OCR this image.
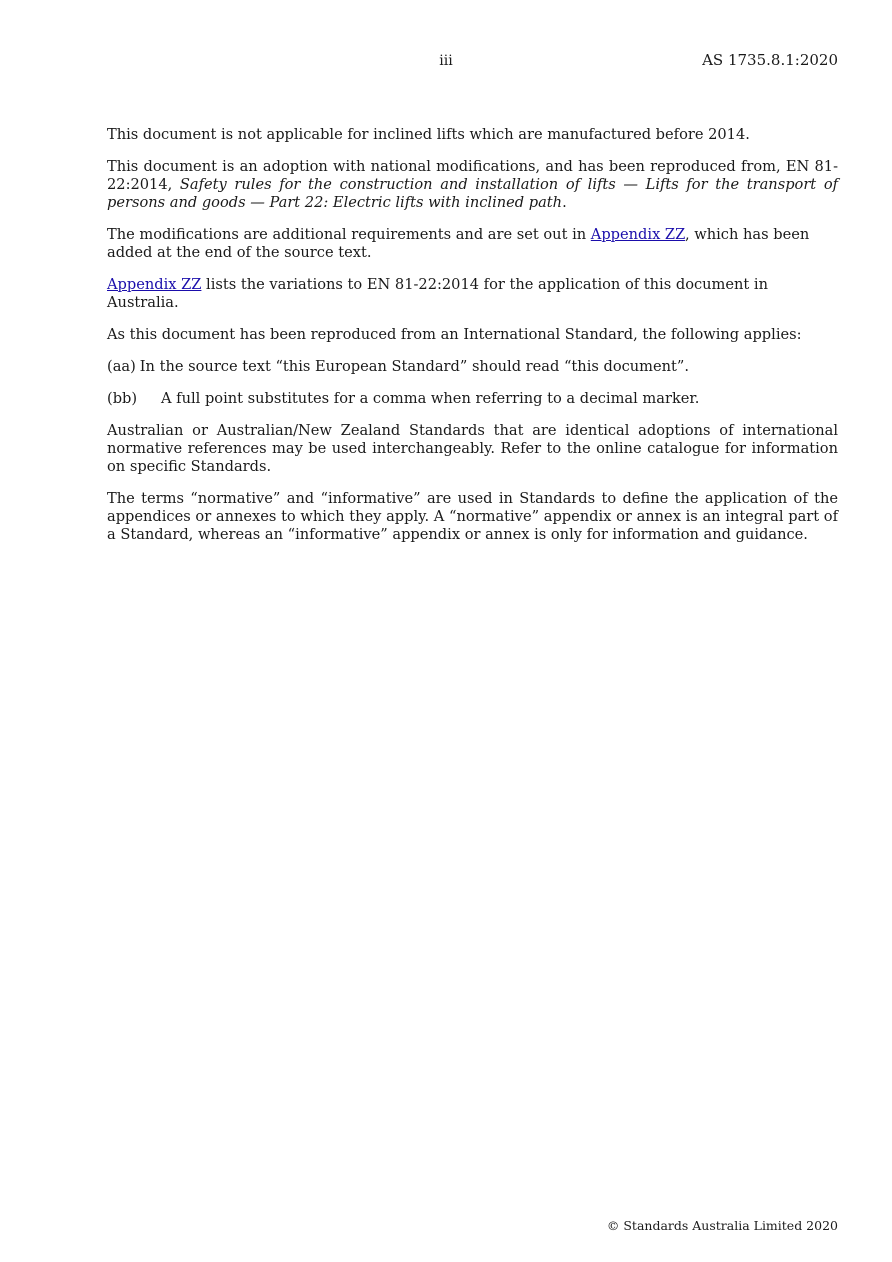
iii	AS 1735.8.1:2020

This document is not applicable for inclined lifts which are manufactured before 2014.

This document is an adoption with national modifications, and has been reproduced from, EN 81-22:2014, Safety rules for the construction and installation of lifts — Lifts for the transport of persons and goods — Part 22: Electric lifts with inclined path.

The modifications are additional requirements and are set out in Appendix ZZ, which has been added at the end of the source text.

Appendix ZZ lists the variations to EN 81-22:2014 for the application of this document in Australia.

As this document has been reproduced from an International Standard, the following applies:

(aa) In the source text “this European Standard” should read “this document”.
(bb)	A full point substitutes for a comma when referring to a decimal marker.

Australian or Australian/New Zealand Standards that are identical adoptions of international normative references may be used interchangeably. Refer to the online catalogue for information on specific Standards.

The terms “normative” and “informative” are used in Standards to define the application of the appendices or annexes to which they apply. A “normative” appendix or annex is an integral part of a Standard, whereas an “informative” appendix or annex is only for information and guidance.

© Standards Australia Limited 2020
